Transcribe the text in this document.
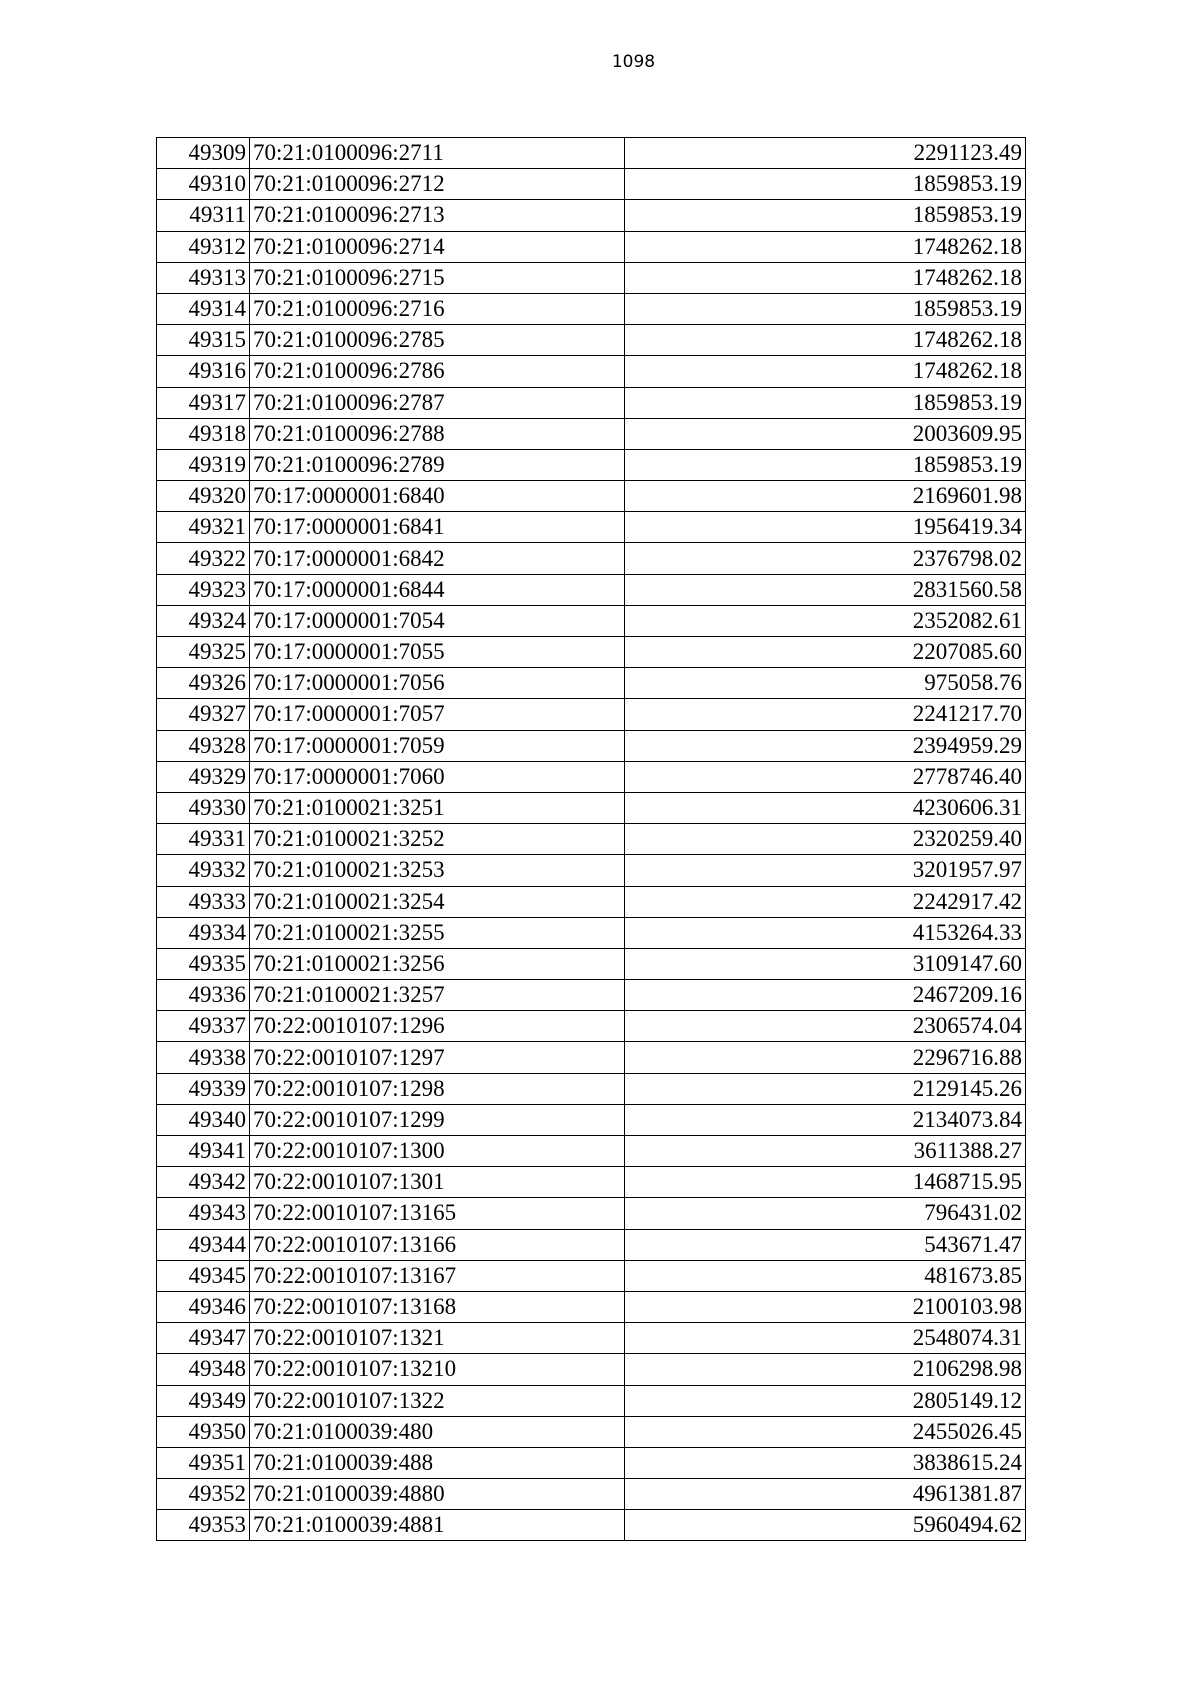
1098
49309	70:21:0100096:2711	2291123.49
49310	70:21:0100096:2712	1859853.19
49311	70:21:0100096:2713	1859853.19
49312	70:21:0100096:2714	1748262.18
49313	70:21:0100096:2715	1748262.18
49314	70:21:0100096:2716	1859853.19
49315	70:21:0100096:2785	1748262.18
49316	70:21:0100096:2786	1748262.18
49317	70:21:0100096:2787	1859853.19
49318	70:21:0100096:2788	2003609.95
49319	70:21:0100096:2789	1859853.19
49320	70:17:0000001:6840	2169601.98
49321	70:17:0000001:6841	1956419.34
49322	70:17:0000001:6842	2376798.02
49323	70:17:0000001:6844	2831560.58
49324	70:17:0000001:7054	2352082.61
49325	70:17:0000001:7055	2207085.60
49326	70:17:0000001:7056	975058.76
49327	70:17:0000001:7057	2241217.70
49328	70:17:0000001:7059	2394959.29
49329	70:17:0000001:7060	2778746.40
49330	70:21:0100021:3251	4230606.31
49331	70:21:0100021:3252	2320259.40
49332	70:21:0100021:3253	3201957.97
49333	70:21:0100021:3254	2242917.42
49334	70:21:0100021:3255	4153264.33
49335	70:21:0100021:3256	3109147.60
49336	70:21:0100021:3257	2467209.16
49337	70:22:0010107:1296	2306574.04
49338	70:22:0010107:1297	2296716.88
49339	70:22:0010107:1298	2129145.26
49340	70:22:0010107:1299	2134073.84
49341	70:22:0010107:1300	3611388.27
49342	70:22:0010107:1301	1468715.95
49343	70:22:0010107:13165	796431.02
49344	70:22:0010107:13166	543671.47
49345	70:22:0010107:13167	481673.85
49346	70:22:0010107:13168	2100103.98
49347	70:22:0010107:1321	2548074.31
49348	70:22:0010107:13210	2106298.98
49349	70:22:0010107:1322	2805149.12
49350	70:21:0100039:480	2455026.45
49351	70:21:0100039:488	3838615.24
49352	70:21:0100039:4880	4961381.87
49353	70:21:0100039:4881	5960494.62
